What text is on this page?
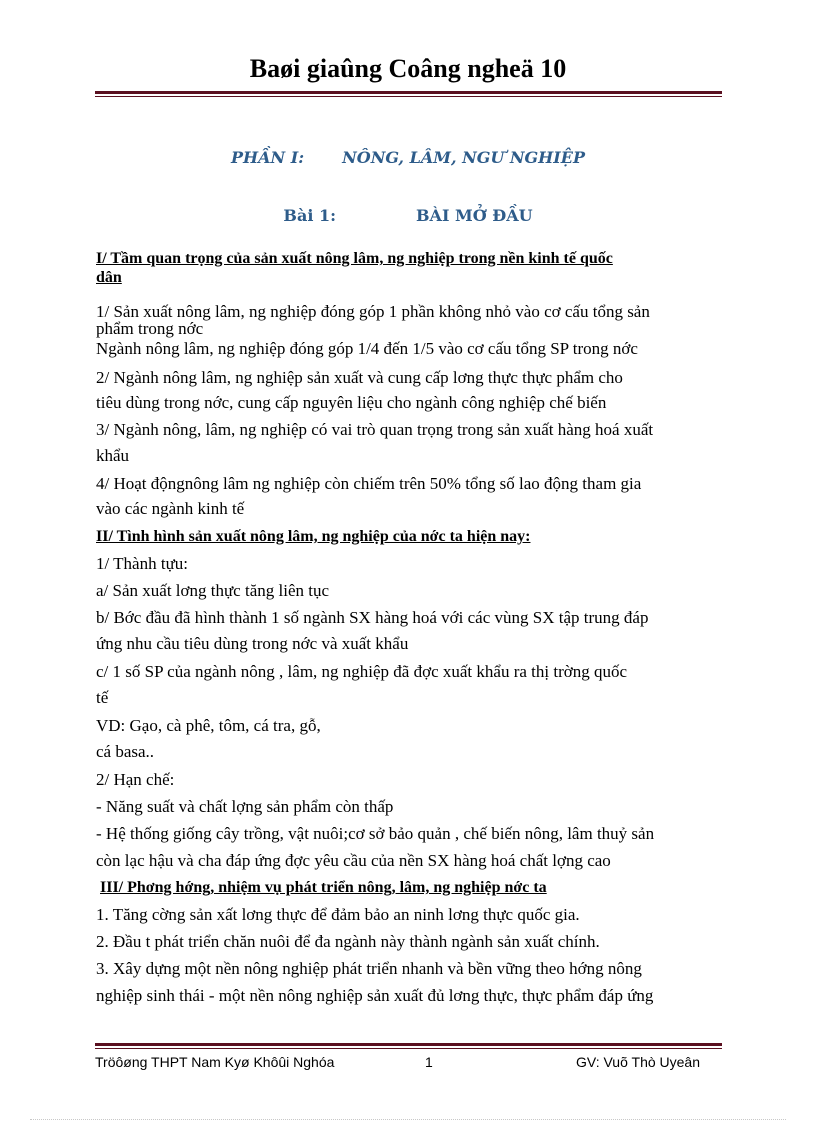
Baøi giaûng Coâng ngheä 10
PHẦN I: NÔNG, LÂM, NGƯ NGHIỆP
Bài 1:	BÀI MỞ ĐẦU
I/ Tầm quan trọng của sản xuất nông lâm, ng nghiệp trong nền kinh tế quốc
dân
1/ Sản xuất nông lâm, ng nghiệp đóng góp 1 phần không nhỏ vào cơ cấu tổng sản
phẩm trong nớc
Ngành nông lâm, ng nghiệp đóng góp 1/4 đến 1/5 vào cơ cấu tổng SP trong nớc
2/ Ngành nông lâm, ng nghiệp sản xuất và cung cấp lơng thực thực phẩm cho
tiêu dùng trong nớc, cung cấp nguyên liệu cho ngành công nghiệp chế biến
3/ Ngành nông, lâm, ng nghiệp có vai trò quan trọng trong sản xuất hàng hoá xuất
khẩu
4/ Hoạt độngnông lâm ng nghiệp còn chiếm trên 50% tổng số lao động tham gia
vào các ngành kinh tế
II/ Tình hình sản xuất nông lâm, ng nghiệp của nớc ta hiện nay:
1/ Thành tựu:
a/ Sản xuất lơng thực tăng liên tục
b/ Bớc đầu đã hình thành 1 số ngành SX hàng hoá với các vùng SX tập trung đáp
ứng nhu cầu tiêu dùng trong nớc và xuất khẩu
c/ 1 số SP của ngành nông , lâm, ng nghiệp đã đợc xuất khẩu ra thị trờng quốc
tế
VD: Gạo, cà phê, tôm, cá tra, gỗ,
cá basa..
2/ Hạn chế:
- Năng suất và chất lợng sản phẩm còn thấp
- Hệ thống giống cây trồng, vật nuôi;cơ sở bảo quản , chế biến nông, lâm thuỷ sản
còn lạc hậu và cha đáp ứng đợc yêu cầu của nền SX hàng hoá chất lợng cao
III/ Phơng hớng, nhiệm vụ phát triển nông, lâm, ng nghiệp nớc ta
1. Tăng cờng sản xất lơng thực để đảm bảo an ninh lơng thực quốc gia.
2. Đầu t phát triển chăn nuôi để đa ngành này thành ngành sản xuất chính.
3. Xây dựng một nền nông nghiệp phát triển nhanh và bền vững theo hớng nông
nghiệp sinh thái - một nền nông nghiệp sản xuất đủ lơng thực, thực phẩm đáp ứng
Tröôøng THPT Nam Kyø Khôûi Nghóa	1	GV: Vuõ Thò Uyeân
